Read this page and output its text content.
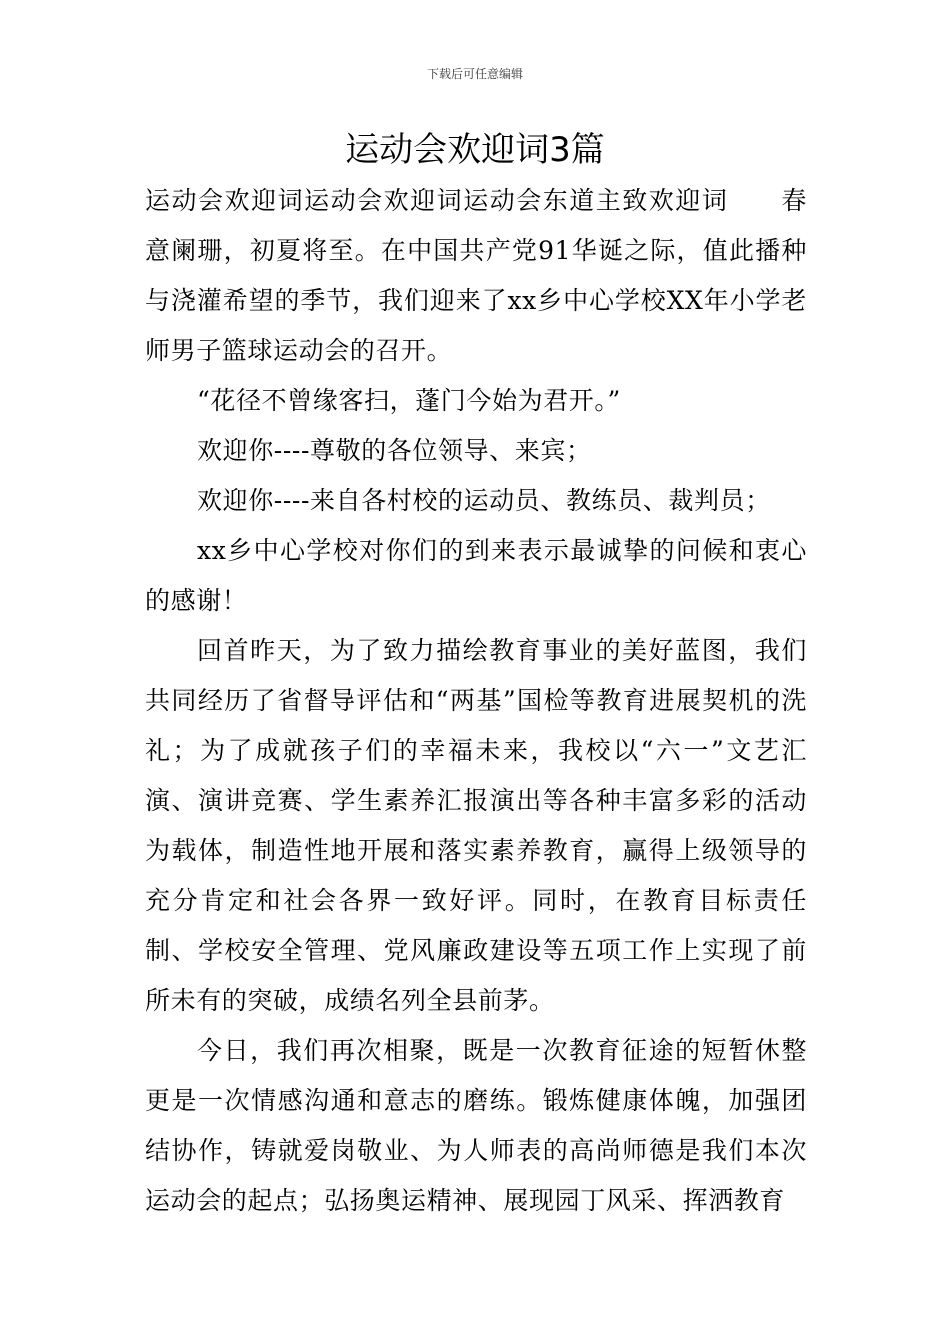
下载后可任意编辑
运动会欢迎词3篇

运动会欢迎词运动会欢迎词运动会东道主致欢迎词　　春意阑珊，初夏将至。在中国共产党91华诞之际，值此播种与浇灌希望的季节，我们迎来了xx乡中心学校XX年小学老师男子篮球运动会的召开。

“花径不曾缘客扫，蓬门今始为君开。”

欢迎你----尊敬的各位领导、来宾；

欢迎你----来自各村校的运动员、教练员、裁判员；

xx乡中心学校对你们的到来表示最诚挚的问候和衷心的感谢！

回首昨天，为了致力描绘教育事业的美好蓝图，我们共同经历了省督导评估和“两基”国检等教育进展契机的洗礼；为了成就孩子们的幸福未来，我校以“六一”文艺汇演、演讲竞赛、学生素养汇报演出等各种丰富多彩的活动为载体，制造性地开展和落实素养教育，赢得上级领导的充分肯定和社会各界一致好评。同时，在教育目标责任制、学校安全管理、党风廉政建设等五项工作上实现了前所未有的突破，成绩名列全县前茅。

今日，我们再次相聚，既是一次教育征途的短暂休整更是一次情感沟通和意志的磨练。锻炼健康体魄，加强团结协作，铸就爱岗敬业、为人师表的高尚师德是我们本次运动会的起点；弘扬奥运精神、展现园丁风采、挥洒教育
